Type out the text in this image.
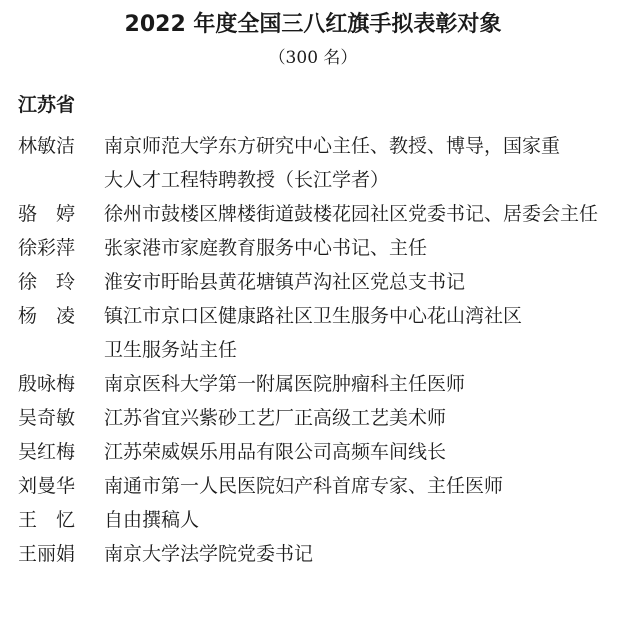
2022 年度全国三八红旗手拟表彰对象
（300 名）
江苏省
林敏洁	南京师范大学东方研究中心主任、教授、博导，国家重
大人才工程特聘教授（长江学者）
骆　婷	徐州市鼓楼区牌楼街道鼓楼花园社区党委书记、居委会主任
徐彩萍	张家港市家庭教育服务中心书记、主任
徐　玲	淮安市盱眙县黄花塘镇芦沟社区党总支书记
杨　凌	镇江市京口区健康路社区卫生服务中心花山湾社区
卫生服务站主任
殷咏梅	南京医科大学第一附属医院肿瘤科主任医师
吴奇敏	江苏省宜兴紫砂工艺厂正高级工艺美术师
吴红梅	江苏荣威娱乐用品有限公司高频车间线长
刘曼华	南通市第一人民医院妇产科首席专家、主任医师
王　忆	自由撰稿人
王丽娟	南京大学法学院党委书记
